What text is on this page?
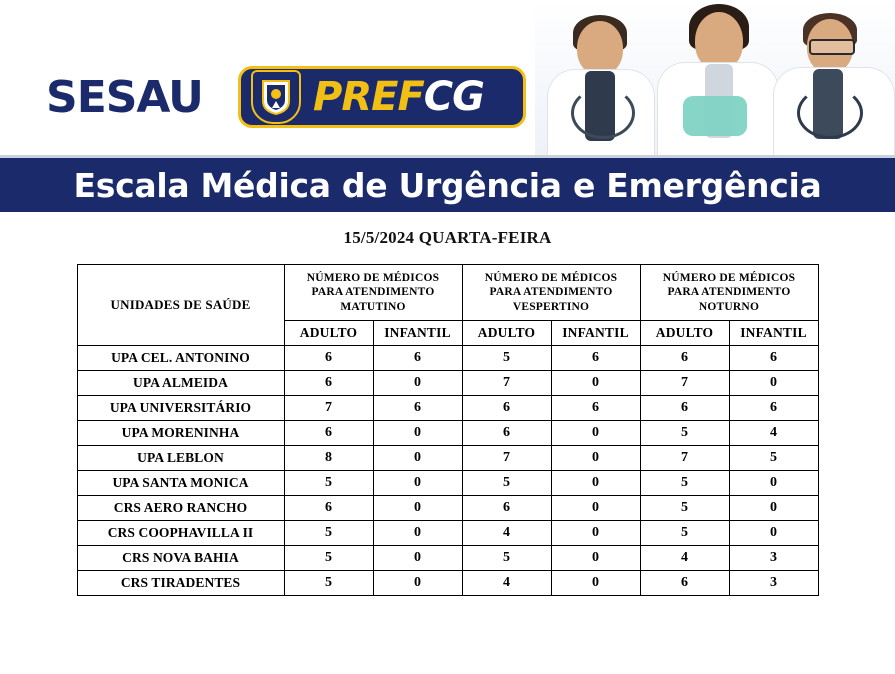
SESAU	PREFCG
Escala Médica de Urgência e Emergência
15/5/2024 QUARTA-FEIRA
UNIDADES DE SAÚDE	NÚMERO DE MÉDICOS PARA ATENDIMENTO MATUTINO		NÚMERO DE MÉDICOS PARA ATENDIMENTO VESPERTINO		NÚMERO DE MÉDICOS PARA ATENDIMENTO NOTURNO	
	ADULTO	INFANTIL	ADULTO	INFANTIL	ADULTO	INFANTIL
UPA CEL. ANTONINO	6	6	5	6	6	6
UPA ALMEIDA	6	0	7	0	7	0
UPA UNIVERSITÁRIO	7	6	6	6	6	6
UPA MORENINHA	6	0	6	0	5	4
UPA LEBLON	8	0	7	0	7	5
UPA SANTA MONICA	5	0	5	0	5	0
CRS AERO RANCHO	6	0	6	0	5	0
CRS COOPHAVILLA II	5	0	4	0	5	0
CRS NOVA BAHIA	5	0	5	0	4	3
CRS TIRADENTES	5	0	4	0	6	3
